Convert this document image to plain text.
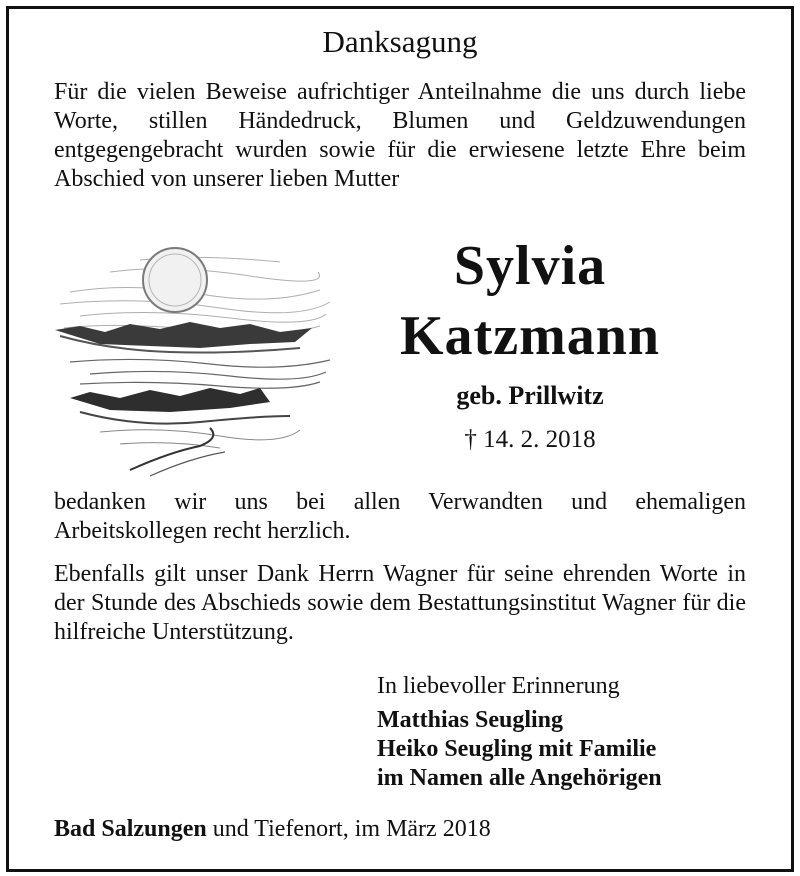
Danksagung
Für die vielen Beweise aufrichtiger Anteilnahme die uns durch liebe Worte, stillen Händedruck, Blumen und Geldzuwendungen entgegengebracht wurden sowie für die erwiesene letzte Ehre beim Abschied von unserer lieben Mutter
Sylvia
Katzmann
geb. Prillwitz
† 14. 2. 2018
bedanken wir uns bei allen Verwandten und ehemaligen Arbeitskollegen recht herzlich.
Ebenfalls gilt unser Dank Herrn Wagner für seine ehrenden Worte in der Stunde des Abschieds sowie dem Bestattungsinstitut Wagner für die hilfreiche Unterstützung.
In liebevoller Erinnerung
Matthias Seugling
Heiko Seugling mit Familie
im Namen alle Angehörigen
Bad Salzungen und Tiefenort, im März 2018
